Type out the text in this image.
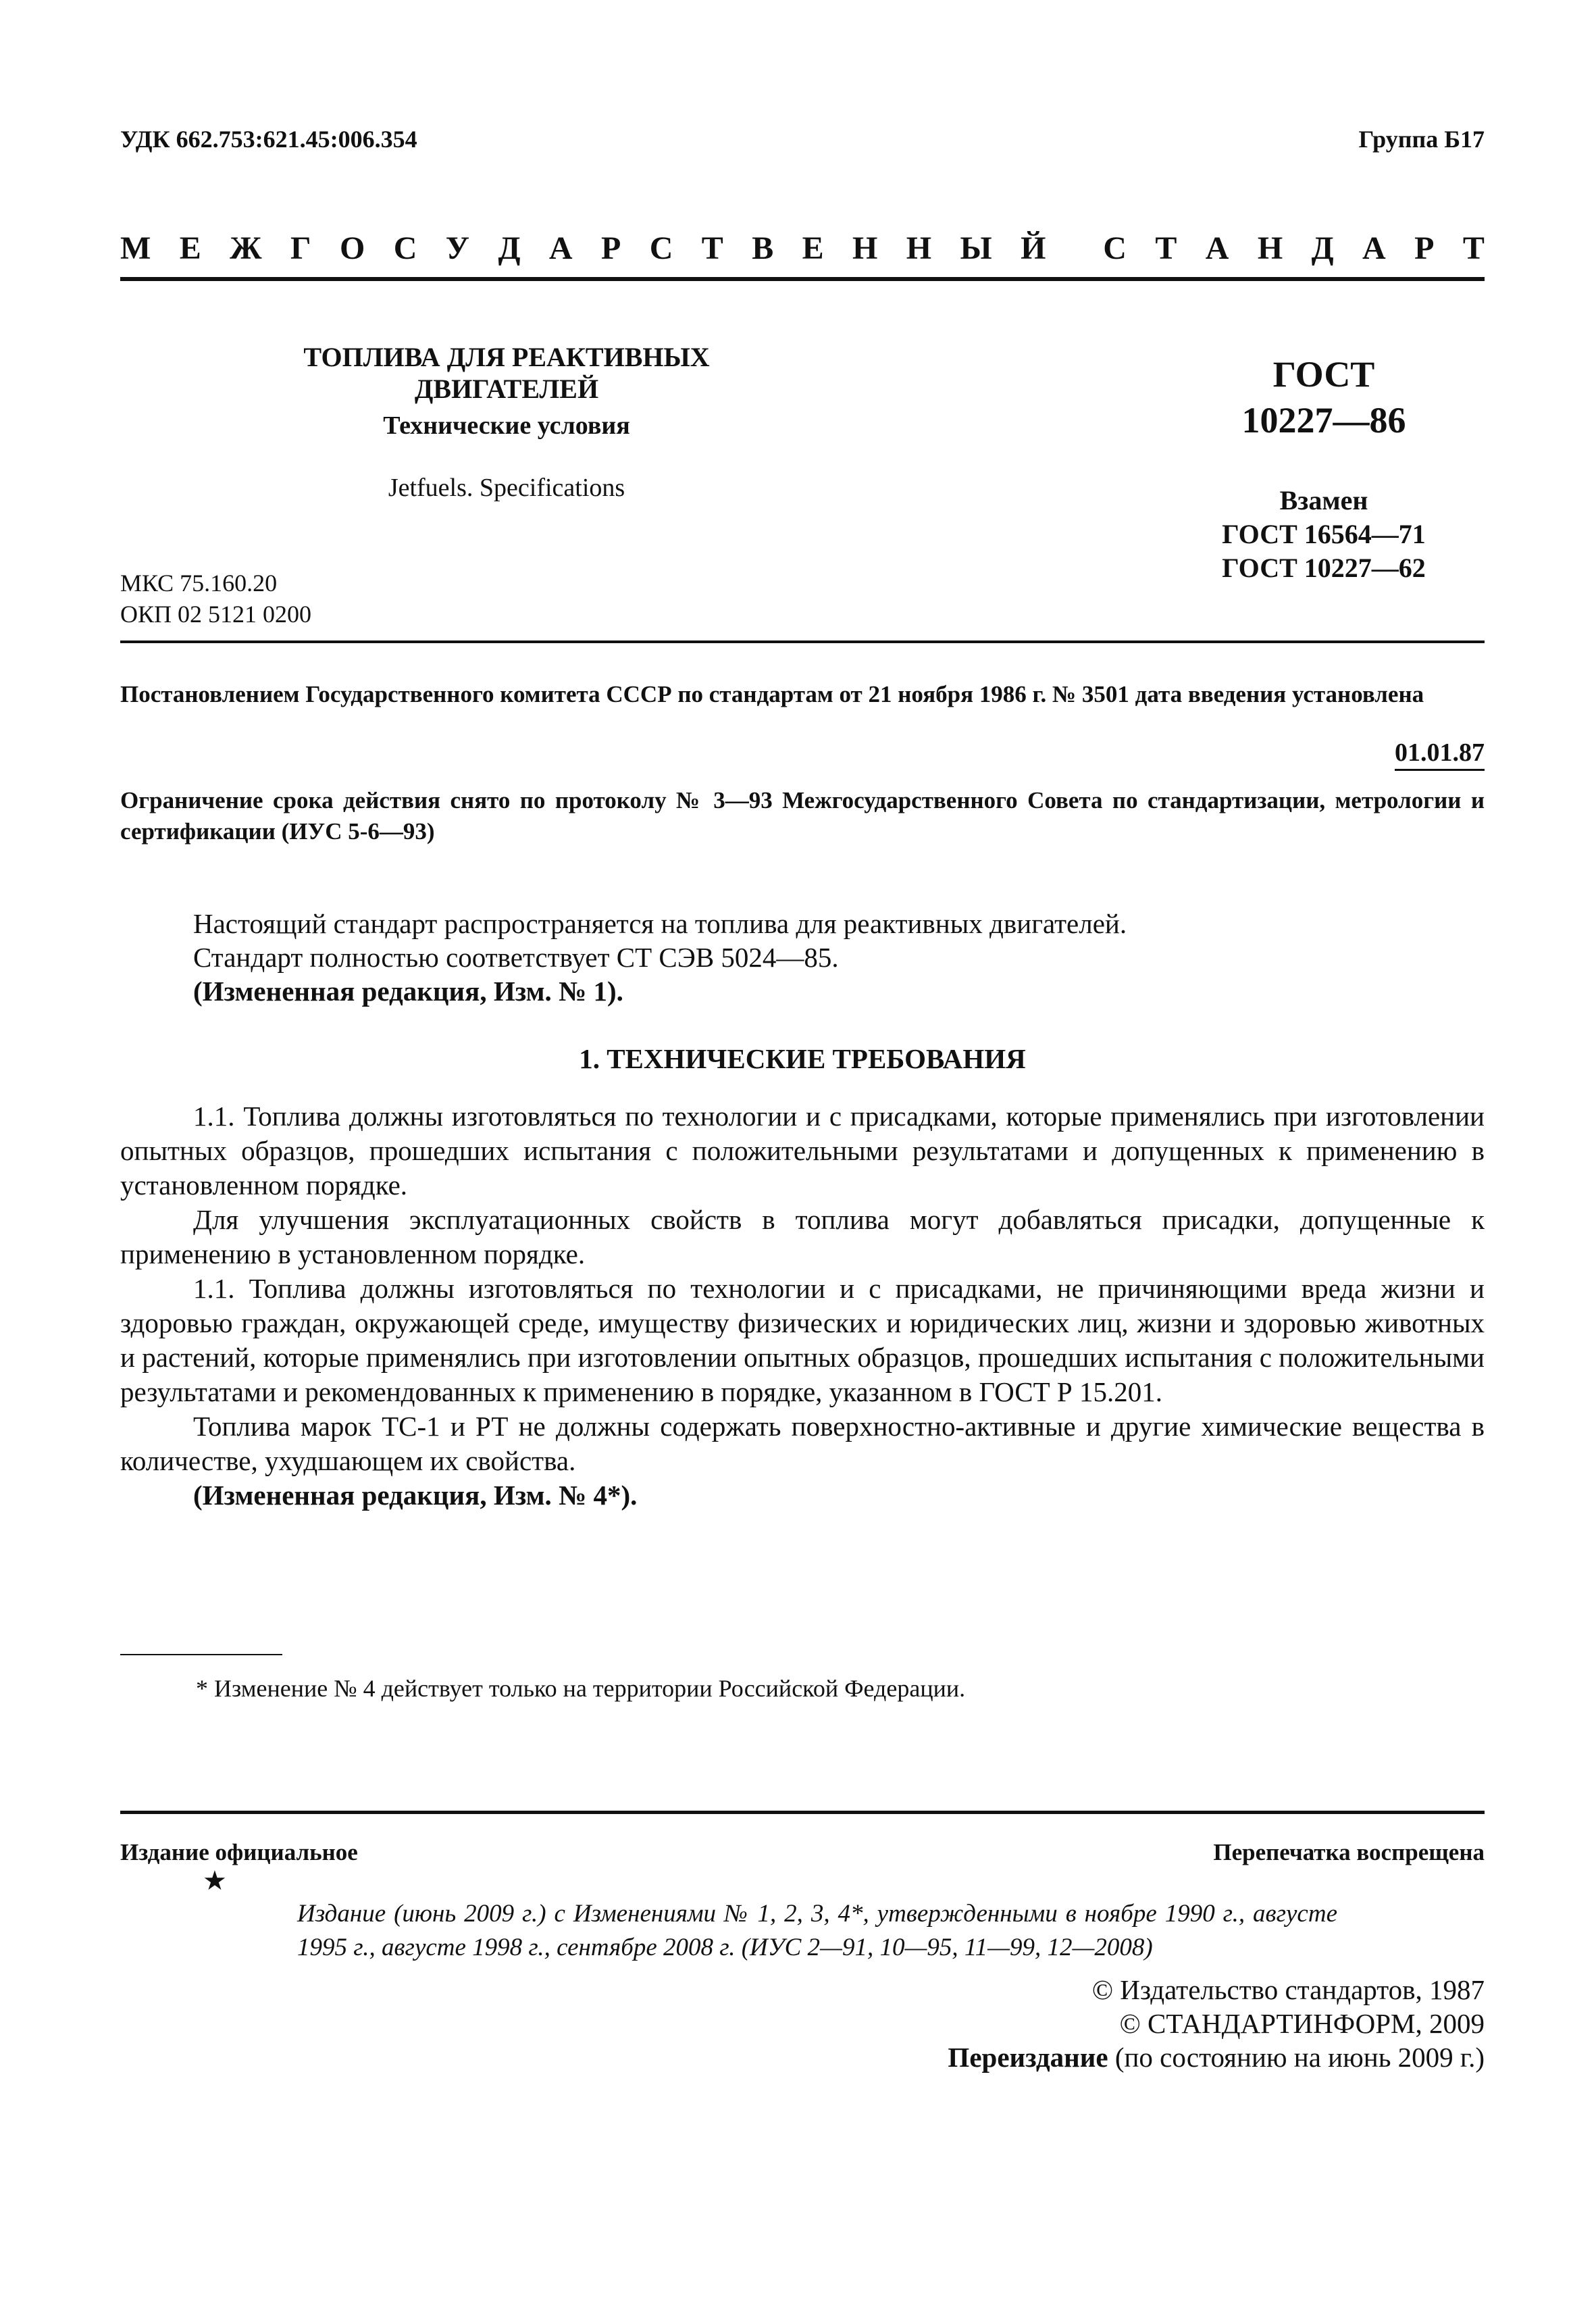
УДК 662.753:621.45:006.354	Группа Б17
М Е Ж Г О С У Д А Р С Т В Е Н Н Ы Й С Т А Н Д А Р Т
ТОПЛИВА ДЛЯ РЕАКТИВНЫХ ДВИГАТЕЛЕЙ
Технические условия
Jetfuels. Specifications
ГОСТ
10227—86
Взамен
ГОСТ 16564—71
ГОСТ 10227—62
МКС 75.160.20
ОКП 02 5121 0200
Постановлением Государственного комитета СССР по стандартам от 21 ноября 1986 г. № 3501 дата введения установлена
01.01.87
Ограничение срока действия снято по протоколу № 3—93 Межгосударственного Совета по стандартизации, метрологии и сертификации (ИУС 5-6—93)

Настоящий стандарт распространяется на топлива для реактивных двигателей.

Стандарт полностью соответствует СТ СЭВ 5024—85.

(Измененная редакция, Изм. № 1).

1. ТЕХНИЧЕСКИЕ ТРЕБОВАНИЯ

1.1. Топлива должны изготовляться по технологии и с присадками, которые применялись при изготовлении опытных образцов, прошедших испытания с положительными результатами и допущенных к применению в установленном порядке.

Для улучшения эксплуатационных свойств в топлива могут добавляться присадки, допущенные к применению в установленном порядке.

1.1. Топлива должны изготовляться по технологии и с присадками, не причиняющими вреда жизни и здоровью граждан, окружающей среде, имуществу физических и юридических лиц, жизни и здоровью животных и растений, которые применялись при изготовлении опытных образцов, прошедших испытания с положительными результатами и рекомендованных к применению в порядке, указанном в ГОСТ Р 15.201.

Топлива марок ТС-1 и РТ не должны содержать поверхностно-активные и другие химические вещества в количестве, ухудшающем их свойства.

(Измененная редакция, Изм. № 4*).

* Изменение № 4 действует только на территории Российской Федерации.
Издание официальное
★
Перепечатка воспрещена
Издание (июнь 2009 г.) с Изменениями № 1, 2, 3, 4*, утвержденными в ноябре 1990 г., августе 1995 г., августе 1998 г., сентябре 2008 г. (ИУС 2—91, 10—95, 11—99, 12—2008)
© Издательство стандартов, 1987
© СТАНДАРТИНФОРМ, 2009
Переиздание (по состоянию на июнь 2009 г.)
